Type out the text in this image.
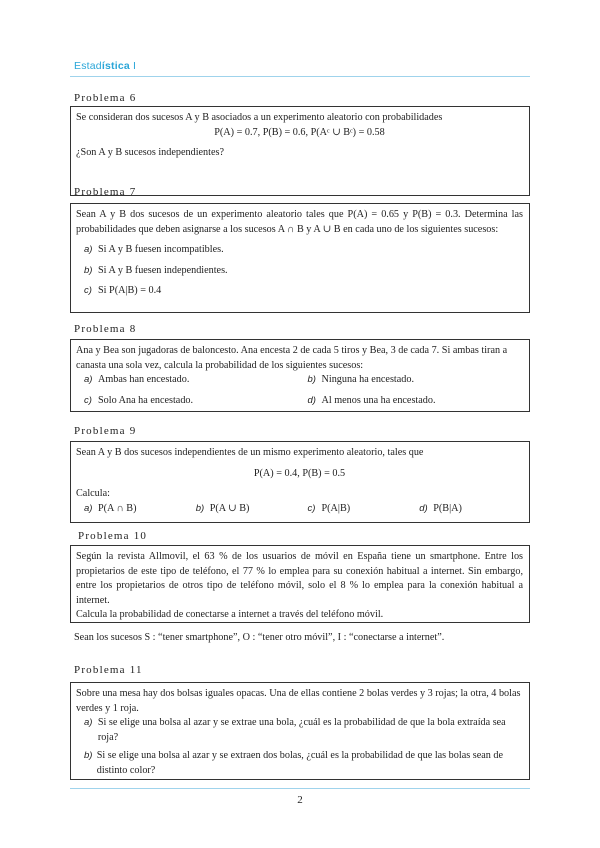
Estadística I
Problema 6

Se consideran dos sucesos A y B asociados a un experimento aleatorio con probabilidades

P(A) = 0.7, P(B) = 0.6, P(Aᶜ ∪ Bᶜ) = 0.58

¿Son A y B sucesos independientes?

Problema 7

Sean A y B dos sucesos de un experimento aleatorio tales que P(A) = 0.65 y P(B) = 0.3. Determina las probabilidades que deben asignarse a los sucesos A ∩ B y A ∪ B en cada uno de los siguientes sucesos:

a) Si A y B fuesen incompatibles.
b) Si A y B fuesen independientes.
c) Si P(A|B) = 0.4
Problema 8

Ana y Bea son jugadoras de baloncesto. Ana encesta 2 de cada 5 tiros y Bea, 3 de cada 7. Si ambas tiran a canasta una sola vez, calcula la probabilidad de los siguientes sucesos:

a) Ambas han encestado.	b) Ninguna ha encestado.
c) Solo Ana ha encestado.	d) Al menos una ha encestado.
Problema 9

Sean A y B dos sucesos independientes de un mismo experimento aleatorio, tales que

P(A) = 0.4, P(B) = 0.5

Calcula:

a) P(A ∩ B)	b) P(A ∪ B)	c) P(A|B)	d) P(B|A)
Problema 10

Según la revista Allmovil, el 63 % de los usuarios de móvil en España tiene un smartphone. Entre los propietarios de este tipo de teléfono, el 77 % lo emplea para su conexión habitual a internet. Sin embargo, entre los propietarios de otros tipo de teléfono móvil, solo el 8 % lo emplea para la conexión habitual a internet.

Calcula la probabilidad de conectarse a internet a través del teléfono móvil.

Sean los sucesos S : “tener smartphone”, O : “tener otro móvil”, I : “conectarse a internet”.
Problema 11

Sobre una mesa hay dos bolsas iguales opacas. Una de ellas contiene 2 bolas verdes y 3 rojas; la otra, 4 bolas verdes y 1 roja.

a) Si se elige una bolsa al azar y se extrae una bola, ¿cuál es la probabilidad de que la bola extraída sea roja?
b) Si se elige una bolsa al azar y se extraen dos bolas, ¿cuál es la probabilidad de que las bolas sean de distinto color?
2
